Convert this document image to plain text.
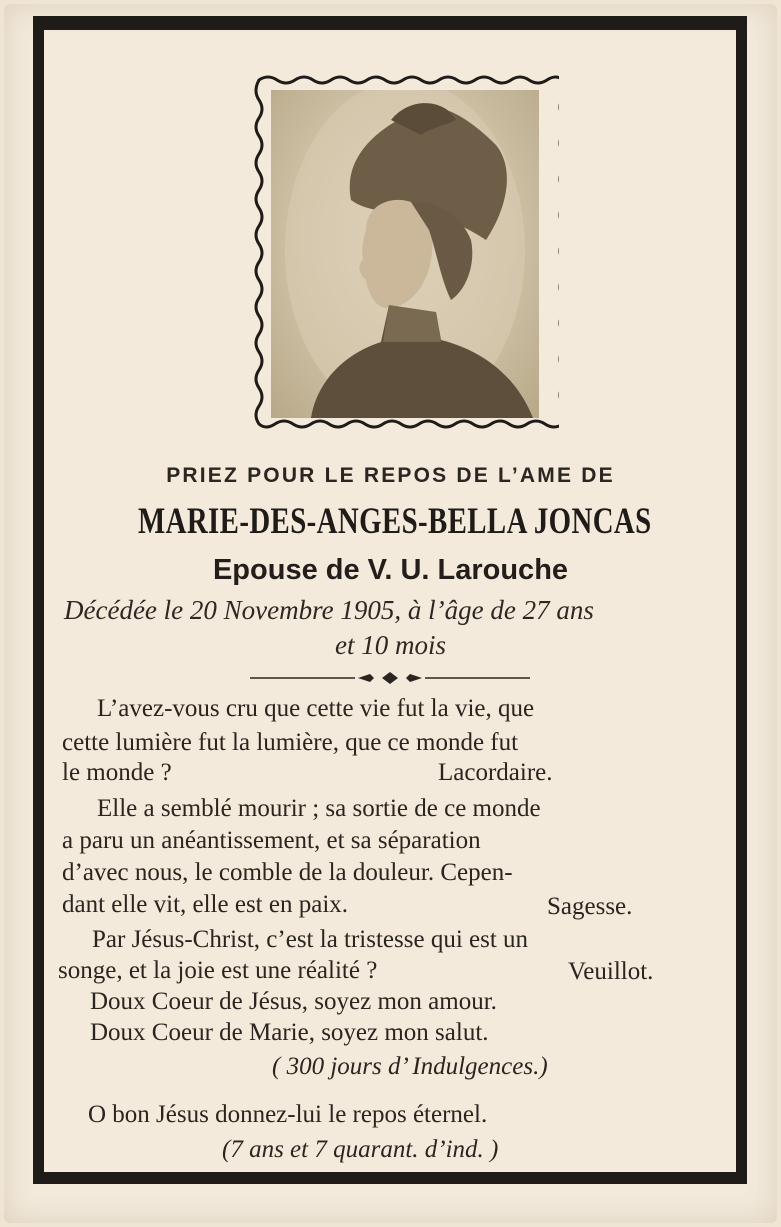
PRIEZ POUR LE REPOS DE L’AME DE
MARIE-DES-ANGES-BELLA JONCAS
Epouse de V. U. Larouche
Décédée le 20 Novembre 1905, à l’âge de 27 ans
et 10 mois
L’avez-vous cru que cette vie fut la vie, que
cette lumière fut la lumière, que ce monde fut
le monde ?	Lacordaire.
Elle a semblé mourir ; sa sortie de ce monde
a paru un anéantissement, et sa séparation
d’avec nous, le comble de la douleur. Cepen-
dant elle vit, elle est en paix.	Sagesse.
Par Jésus-Christ, c’est la tristesse qui est un
songe, et la joie est une réalité ?	Veuillot.
Doux Coeur de Jésus, soyez mon amour.
Doux Coeur de Marie, soyez mon salut.
( 300 jours d’ Indulgences.)
O bon Jésus donnez-lui le repos éternel.
(7 ans et 7 quarant. d’ind. )
